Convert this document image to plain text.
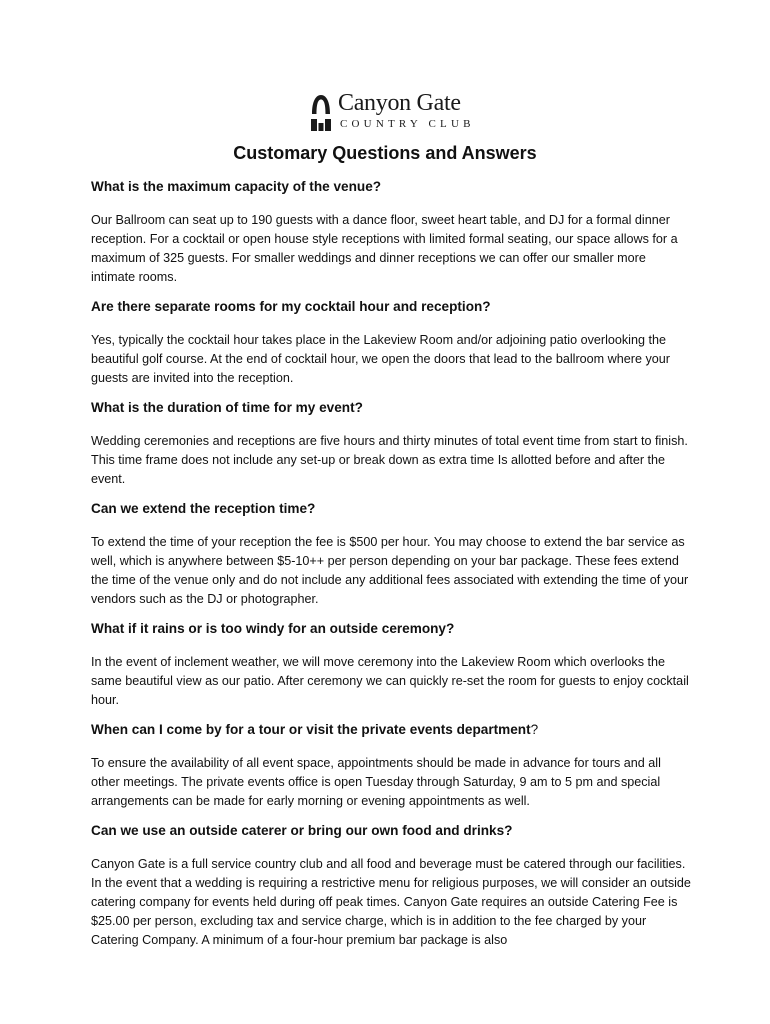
Canyon Gate
COUNTRY CLUB
Customary Questions and Answers

What is the maximum capacity of the venue?

Our Ballroom can seat up to 190 guests with a dance floor, sweet heart table, and DJ for a formal dinner reception. For a cocktail or open house style receptions with limited formal seating, our space allows for a maximum of 325 guests. For smaller weddings and dinner receptions we can offer our smaller more intimate rooms.

Are there separate rooms for my cocktail hour and reception?

Yes, typically the cocktail hour takes place in the Lakeview Room and/or adjoining patio overlooking the beautiful golf course. At the end of cocktail hour, we open the doors that lead to the ballroom where your guests are invited into the reception.

What is the duration of time for my event?

Wedding ceremonies and receptions are five hours and thirty minutes of total event time from start to finish. This time frame does not include any set-up or break down as extra time Is allotted before and after the event.

Can we extend the reception time?

To extend the time of your reception the fee is $500 per hour. You may choose to extend the bar service as well, which is anywhere between $5-10++ per person depending on your bar package. These fees extend the time of the venue only and do not include any additional fees associated with extending the time of your vendors such as the DJ or photographer.

What if it rains or is too windy for an outside ceremony?

In the event of inclement weather, we will move ceremony into the Lakeview Room which overlooks the same beautiful view as our patio. After ceremony we can quickly re-set the room for guests to enjoy cocktail hour.

When can I come by for a tour or visit the private events department?

To ensure the availability of all event space, appointments should be made in advance for tours and all other meetings. The private events office is open Tuesday through Saturday, 9 am to 5 pm and special arrangements can be made for early morning or evening appointments as well.

Can we use an outside caterer or bring our own food and drinks?

Canyon Gate is a full service country club and all food and beverage must be catered through our facilities. In the event that a wedding is requiring a restrictive menu for religious purposes, we will consider an outside catering company for events held during off peak times. Canyon Gate requires an outside Catering Fee is $25.00 per person, excluding tax and service charge, which is in addition to the fee charged by your Catering Company. A minimum of a four-hour premium bar package is also
